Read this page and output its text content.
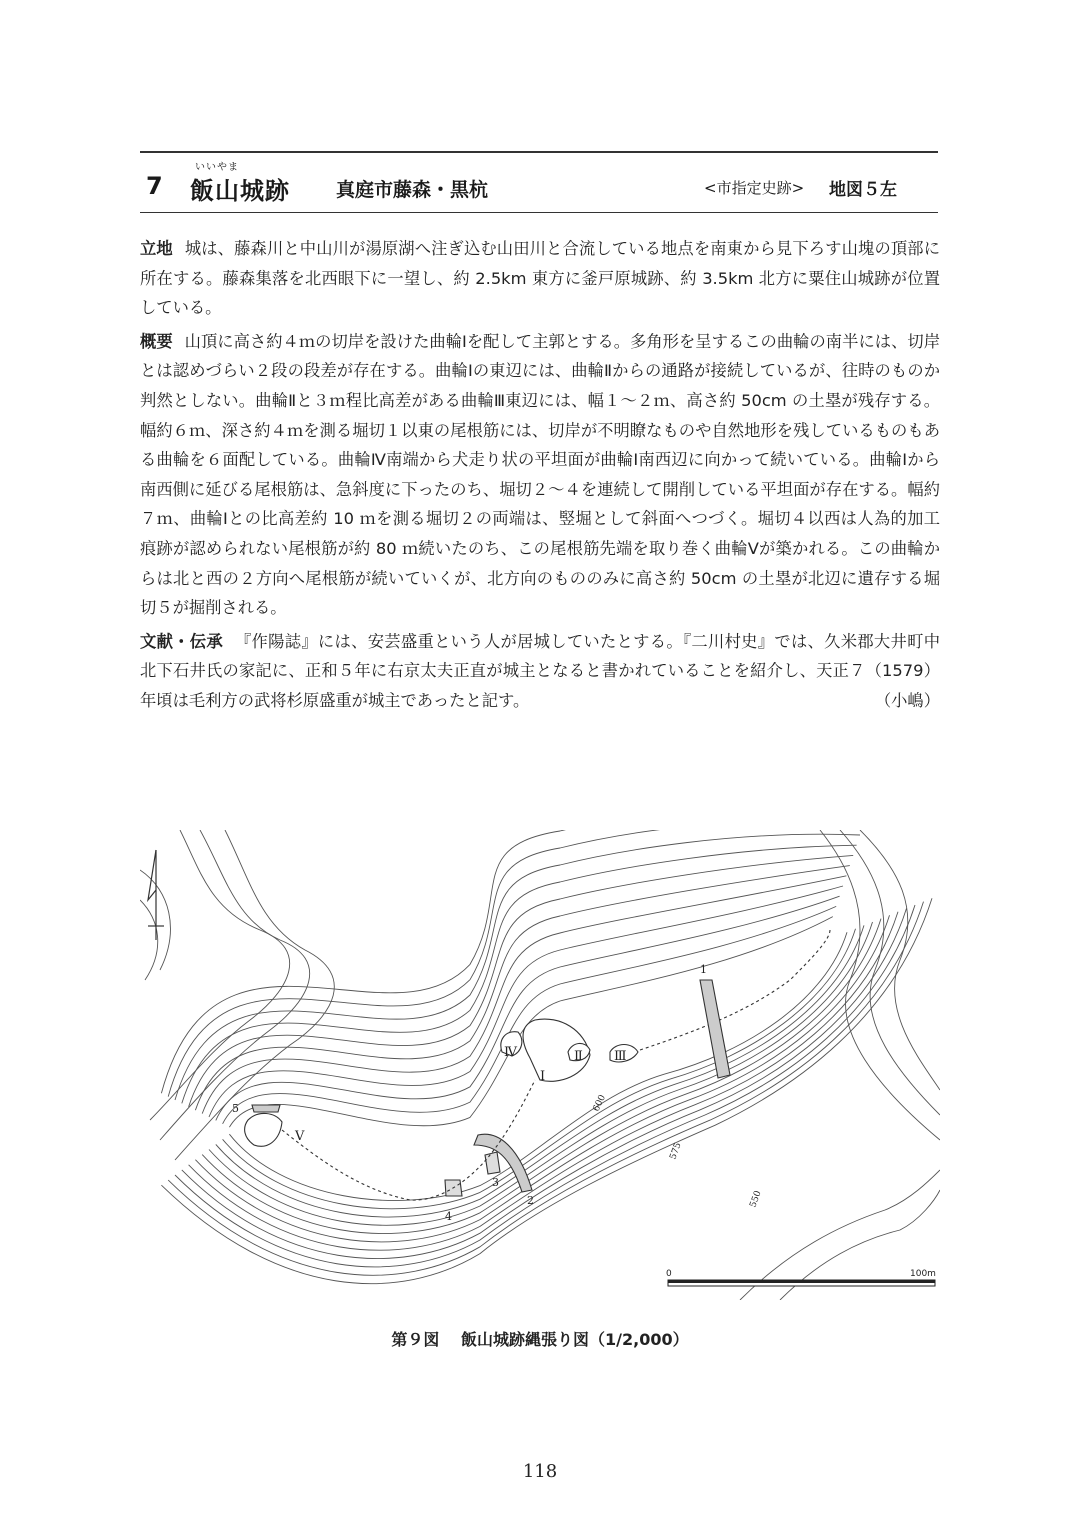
7
いいやま
飯山城跡 真庭市藤森・黒杭	<市指定史跡> 地図５左

立地 城は、藤森川と中山川が湯原湖へ注ぎ込む山田川と合流している地点を南東から見下ろす山塊の頂部に所在する。藤森集落を北西眼下に一望し、約 2.5km 東方に釜戸原城跡、約 3.5km 北方に粟住山城跡が位置している。

概要 山頂に高さ約４ｍの切岸を設けた曲輪Ⅰを配して主郭とする。多角形を呈するこの曲輪の南半には、切岸とは認めづらい２段の段差が存在する。曲輪Ⅰの東辺には、曲輪Ⅱからの通路が接続しているが、往時のものか判然としない。曲輪Ⅱと３ｍ程比高差がある曲輪Ⅲ東辺には、幅１～２ｍ、高さ約 50cm の土塁が残存する。幅約６ｍ、深さ約４ｍを測る堀切１以東の尾根筋には、切岸が不明瞭なものや自然地形を残しているものもある曲輪を６面配している。曲輪Ⅳ南端から犬走り状の平坦面が曲輪Ⅰ南西辺に向かって続いている。曲輪Ⅰから南西側に延びる尾根筋は、急斜度に下ったのち、堀切２～４を連続して開削している平坦面が存在する。幅約７ｍ、曲輪Ⅰとの比高差約 10 ｍを測る堀切２の両端は、竪堀として斜面へつづく。堀切４以西は人為的加工痕跡が認められない尾根筋が約 80 ｍ続いたのち、この尾根筋先端を取り巻く曲輪Ⅴが築かれる。この曲輪からは北と西の２方向へ尾根筋が続いていくが、北方向のもののみに高さ約 50cm の土塁が北辺に遺存する堀切５が掘削される。

文献・伝承 『作陽誌』には、安芸盛重という人が居城していたとする。『二川村史』では、久米郡大井町中北下石井氏の家記に、正和５年に右京太夫正直が城主となると書かれていることを紹介し、天正７（1579）年頃は毛利方の武将杉原盛重が城主であったと記す。	（小嶋）

Ⅰ
Ⅱ Ⅲ
Ⅳ
Ⅴ
1
2
3
4
5	600
575
550
0	100m
第９図 飯山城跡縄張り図（1/2,000）
118
